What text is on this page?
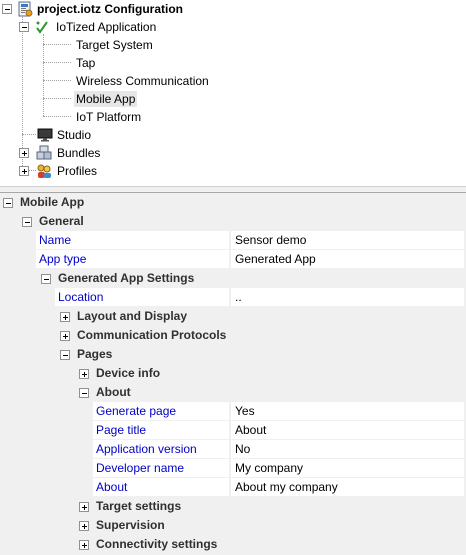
project.iotz Configuration
IoTized Application
Target System
Tap
Wireless Communication
Mobile App
IoT Platform
Studio
Bundles
Profiles
Mobile App
General
Name	Sensor demo
App type	Generated App
Generated App Settings
Location	..
Layout and Display
Communication Protocols
Pages
Device info
About
Generate page	Yes
Page title	About
Application version	No
Developer name	My company
About	About my company
Target settings
Supervision
Connectivity settings
